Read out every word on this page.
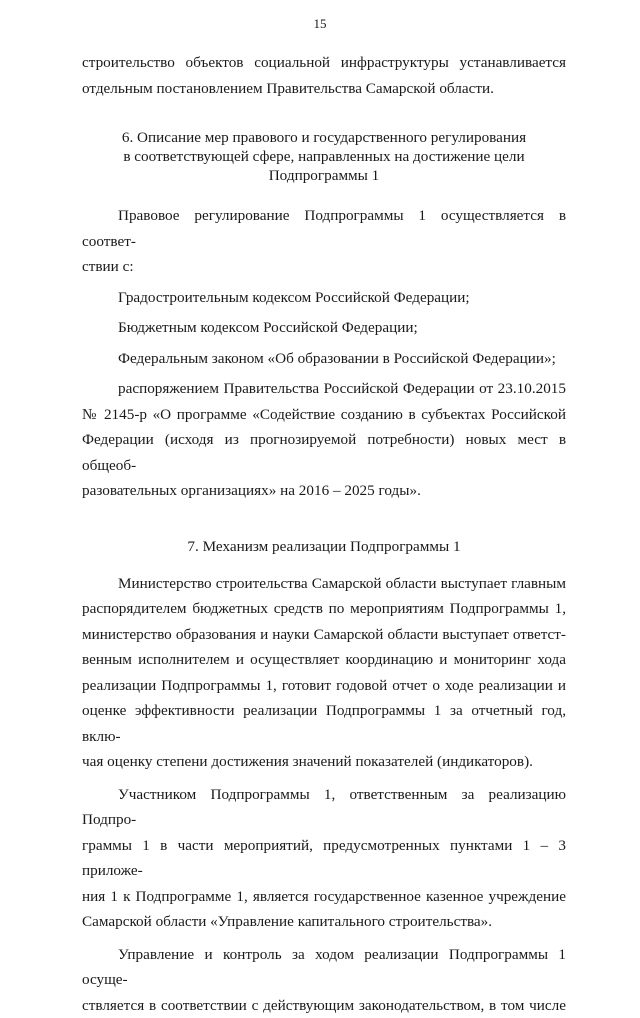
15

строительство объектов социальной инфраструктуры устанавливается

отдельным постановлением Правительства Самарской области.

6. Описание мер правового и государственного регулирования
в соответствующей сфере, направленных на достижение цели
Подпрограммы 1

Правовое регулирование Подпрограммы 1 осуществляется в соответ-

ствии с:

Градостроительным кодексом Российской Федерации;

Бюджетным кодексом Российской Федерации;

Федеральным законом «Об образовании в Российской Федерации»;

распоряжением Правительства Российской Федерации от 23.10.2015

№ 2145-р «О программе «Содействие созданию в субъектах Российской

Федерации (исходя из прогнозируемой потребности) новых мест в общеоб-

разовательных организациях» на 2016 – 2025 годы».

7. Механизм реализации Подпрограммы 1

Министерство строительства Самарской области выступает главным

распорядителем бюджетных средств по мероприятиям Подпрограммы 1,

министерство образования и науки Самарской области выступает ответст-

венным исполнителем и осуществляет координацию и мониторинг хода

реализации Подпрограммы 1, готовит годовой отчет о ходе реализации и

оценке эффективности реализации Подпрограммы 1 за отчетный год, вклю-

чая оценку степени достижения значений показателей (индикаторов).

Участником Подпрограммы 1, ответственным за реализацию Подпро-

граммы 1 в части мероприятий, предусмотренных пунктами 1 – 3 приложе-

ния 1 к Подпрограмме 1, является государственное казенное учреждение

Самарской области «Управление капитального строительства».

Управление и контроль за ходом реализации Подпрограммы 1 осуще-

ствляется в соответствии с действующим законодательством, в том числе
